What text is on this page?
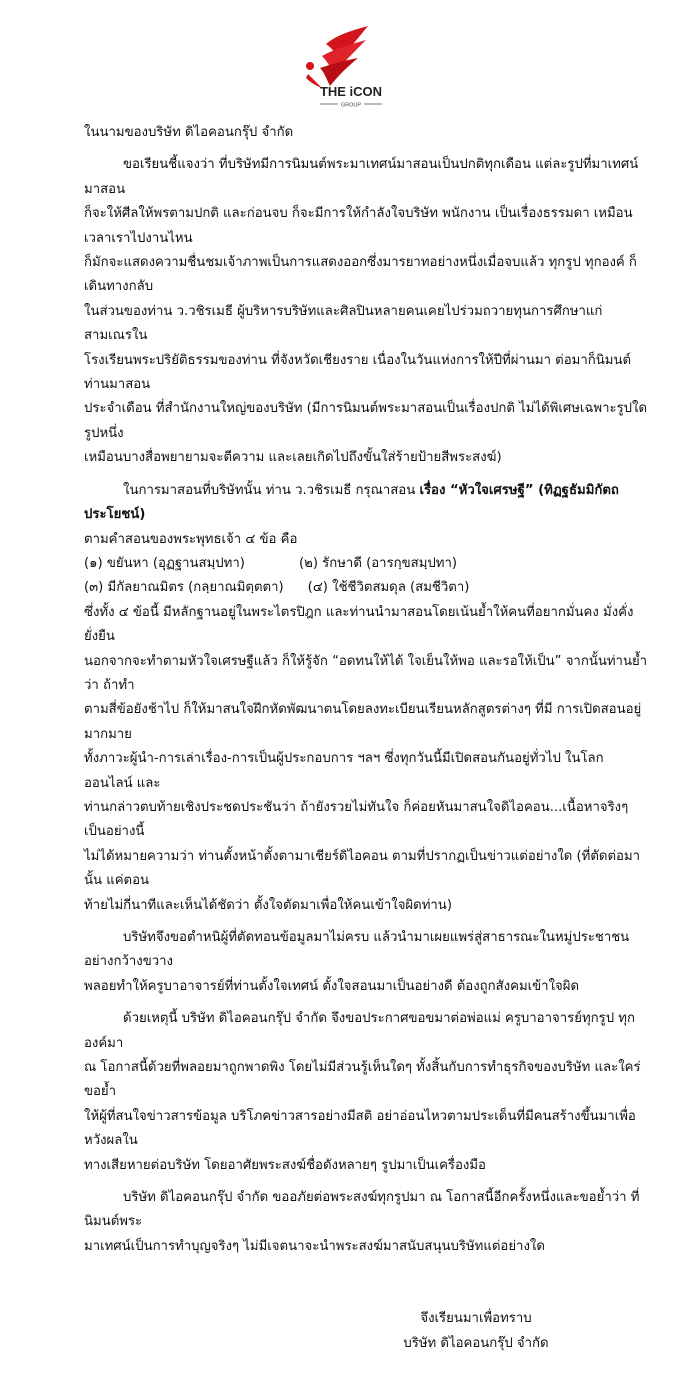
THE iCON
GROUP
ในนามของบริษัท ดิไอคอนกรุ๊ป จำกัด
ขอเรียนชี้แจงว่า ที่บริษัทมีการนิมนต์พระมาเทศน์มาสอนเป็นปกติทุกเดือน แต่ละรูปที่มาเทศน์มาสอน
ก็จะให้ศีลให้พรตามปกติ และก่อนจบ ก็จะมีการให้กำลังใจบริษัท พนักงาน เป็นเรื่องธรรมดา เหมือนเวลาเราไปงานไหน
ก็มักจะแสดงความชื่นชมเจ้าภาพเป็นการแสดงออกซึ่งมารยาทอย่างหนึ่งเมื่อจบแล้ว ทุกรูป ทุกองค์ ก็เดินทางกลับ
ในส่วนของท่าน ว.วชิรเมธี ผู้บริหารบริษัทและศิลปินหลายคนเคยไปร่วมถวายทุนการศึกษาแก่สามเณรใน
โรงเรียนพระปริยัติธรรมของท่าน ที่จังหวัดเชียงราย เนื่องในวันแห่งการให้ปีที่ผ่านมา ต่อมาก็นิมนต์ท่านมาสอน
ประจำเดือน ที่สำนักงานใหญ่ของบริษัท (มีการนิมนต์พระมาสอนเป็นเรื่องปกติ ไม่ได้พิเศษเฉพาะรูปใดรูปหนึ่ง
เหมือนบางสื่อพยายามจะตีความ และเลยเกิดไปถึงขั้นใส่ร้ายป้ายสีพระสงฆ์)
ในการมาสอนที่บริษัทนั้น ท่าน ว.วชิรเมธี กรุณาสอน เรื่อง “หัวใจเศรษฐี” (ทิฏฐธัมมิกัตถประโยชน์)
ตามคำสอนของพระพุทธเจ้า ๔ ข้อ คือ
(๑) ขยันหา (อุฏฐานสมฺปทา)	(๒) รักษาดี (อารกฺขสมฺปทา)
(๓) มีกัลยาณมิตร (กลฺยาณมิตฺตตา) (๔) ใช้ชีวิตสมดุล (สมชีวิตา)
ซึ่งทั้ง ๔ ข้อนี้ มีหลักฐานอยู่ในพระไตรปิฎก และท่านนำมาสอนโดยเน้นย้ำให้คนที่อยากมั่นคง มั่งคั่ง ยั่งยืน
นอกจากจะทำตามหัวใจเศรษฐีแล้ว ก็ให้รู้จัก “อดทนให้ได้ ใจเย็นให้พอ และรอให้เป็น” จากนั้นท่านย้ำว่า ถ้าทำ
ตามสี่ข้อยังช้าไป ก็ให้มาสนใจฝึกหัดพัฒนาตนโดยลงทะเบียนเรียนหลักสูตรต่างๆ ที่มี การเปิดสอนอยู่มากมาย
ทั้งภาวะผู้นำ-การเล่าเรื่อง-การเป็นผู้ประกอบการ ฯลฯ ซึ่งทุกวันนี้มีเปิดสอนกันอยู่ทั่วไป ในโลกออนไลน์ และ
ท่านกล่าวตบท้ายเชิงประชดประชันว่า ถ้ายังรวยไม่ทันใจ ก็ค่อยหันมาสนใจดิไอคอน...เนื้อหาจริงๆ เป็นอย่างนี้
ไม่ได้หมายความว่า ท่านตั้งหน้าตั้งตามาเชียร์ดิไอคอน ตามที่ปรากฏเป็นข่าวแต่อย่างใด (ที่ตัดต่อมานั้น แค่ตอน
ท้ายไม่กี่นาทีและเห็นได้ชัดว่า ตั้งใจตัดมาเพื่อให้คนเข้าใจผิดท่าน)
บริษัทจึงขอตำหนิผู้ที่ตัดทอนข้อมูลมาไม่ครบ แล้วนำมาเผยแพร่สู่สาธารณะในหมู่ประชาชนอย่างกว้างขวาง
พลอยทำให้ครูบาอาจารย์ที่ท่านตั้งใจเทศน์ ตั้งใจสอนมาเป็นอย่างดี ต้องถูกสังคมเข้าใจผิด
ด้วยเหตุนี้ บริษัท ดิไอคอนกรุ๊ป จำกัด จึงขอประกาศขอขมาต่อพ่อแม่ ครูบาอาจารย์ทุกรูป ทุกองค์มา
ณ โอกาสนี้ด้วยที่พลอยมาถูกพาดพิง โดยไม่มีส่วนรู้เห็นใดๆ ทั้งสิ้นกับการทำธุรกิจของบริษัท และใคร่ขอย้ำ
ให้ผู้ที่สนใจข่าวสารข้อมูล บริโภคข่าวสารอย่างมีสติ อย่าอ่อนไหวตามประเด็นที่มีคนสร้างขึ้นมาเพื่อหวังผลใน
ทางเสียหายต่อบริษัท โดยอาศัยพระสงฆ์ชื่อดังหลายๆ รูปมาเป็นเครื่องมือ
บริษัท ดิไอคอนกรุ๊ป จำกัด ขออภัยต่อพระสงฆ์ทุกรูปมา ณ โอกาสนี้อีกครั้งหนึ่งและขอย้ำว่า ที่นิมนต์พระ
มาเทศน์เป็นการทำบุญจริงๆ ไม่มีเจตนาจะนำพระสงฆ์มาสนับสนุนบริษัทแต่อย่างใด
จึงเรียนมาเพื่อทราบ
บริษัท ดิไอคอนกรุ๊ป จำกัด
